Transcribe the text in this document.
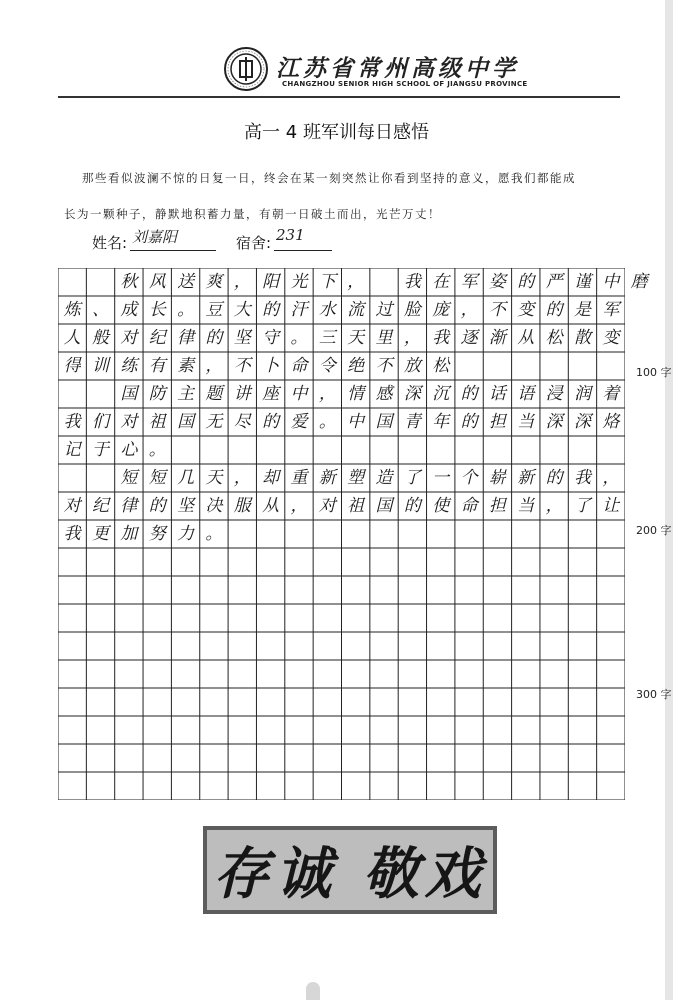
江苏省常州高级中学
CHANGZHOU SENIOR HIGH SCHOOL OF JIANGSU PROVINCE
高一 4 班军训每日感悟
那些看似波澜不惊的日复一日，终会在某一刻突然让你看到坚持的意义，愿我们都能成
长为一颗种子，静默地积蓄力量，有朝一日破土而出，光芒万丈！
姓名: 刘嘉阳	宿舍: 231
秋 风 送 爽 ， 阳 光 下 ，	我 在 军 姿 的 严 谨 中 磨
炼 、 成 长 。 豆 大 的 汗 水 流 过 脸 庞 ， 不 变 的 是 军
人 般 对 纪 律 的 坚 守 。 三 天 里 ， 我 逐 渐 从 松 散 变
得 训 练 有 素 ， 不 卜 命 令 绝 不 放 松
国 防 主 题 讲 座 中 ， 情 感 深 沉 的 话 语 浸 润 着
我 们 对 祖 国 无 尽 的 爱 。 中 国 青 年 的 担 当 深 深 烙
记 于 心 。
短 短 几 天 ， 却 重 新 塑 造 了 一 个 崭 新 的 我 ，
对 纪 律 的 坚 决 服 从 ， 对 祖 国 的 使 命 担 当 ， 了 让
我 更 加 努 力 。
100 字
200 字
300 字
存诚 敬戏
